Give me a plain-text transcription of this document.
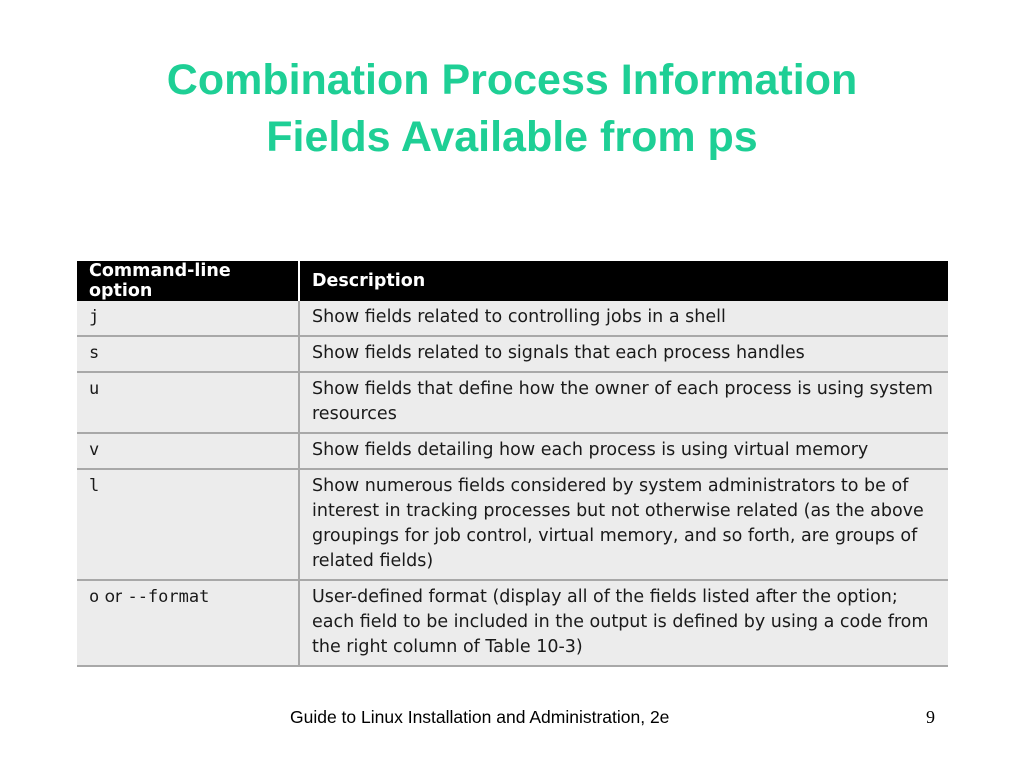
Combination Process Information
Fields Available from ps
Command-line option	Description
j	Show fields related to controlling jobs in a shell
s	Show fields related to signals that each process handles
u	Show fields that define how the owner of each process is using system resources
v	Show fields detailing how each process is using virtual memory
l	Show numerous fields considered by system administrators to be of interest in tracking processes but not otherwise related (as the above groupings for job control, virtual memory, and so forth, are groups of related fields)
o or --format	User-defined format (display all of the fields listed after the option; each field to be included in the output is defined by using a code from the right column of Table 10-3)
Guide to Linux Installation and Administration, 2e	9
